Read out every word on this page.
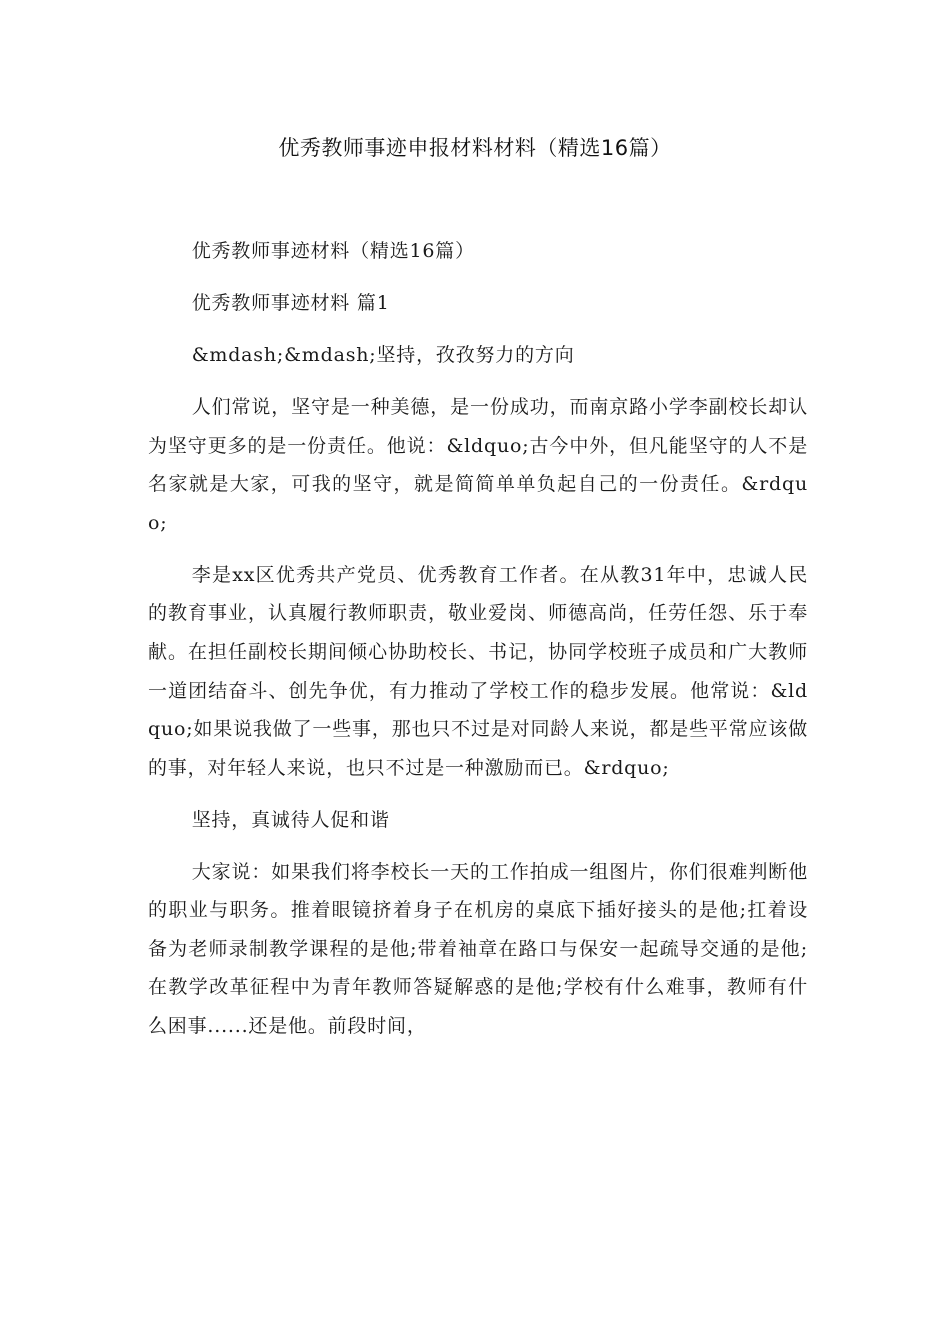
优秀教师事迹申报材料材料（精选16篇）

优秀教师事迹材料（精选16篇）

优秀教师事迹材料 篇1

&mdash;&mdash;坚持，孜孜努力的方向

人们常说，坚守是一种美德，是一份成功，而南京路小学李副校长却认为坚守更多的是一份责任。他说：&ldquo;古今中外，但凡能坚守的人不是名家就是大家，可我的坚守，就是简简单单负起自己的一份责任。&rdquo;

李是xx区优秀共产党员、优秀教育工作者。在从教31年中，忠诚人民的教育事业，认真履行教师职责，敬业爱岗、师德高尚，任劳任怨、乐于奉献。在担任副校长期间倾心协助校长、书记，协同学校班子成员和广大教师一道团结奋斗、创先争优，有力推动了学校工作的稳步发展。他常说：&ldquo;如果说我做了一些事，那也只不过是对同龄人来说，都是些平常应该做的事，对年轻人来说，也只不过是一种激励而已。&rdquo;

坚持，真诚待人促和谐

大家说：如果我们将李校长一天的工作拍成一组图片，你们很难判断他的职业与职务。推着眼镜挤着身子在机房的桌底下插好接头的是他;扛着设备为老师录制教学课程的是他;带着袖章在路口与保安一起疏导交通的是他;在教学改革征程中为青年教师答疑解惑的是他;学校有什么难事，教师有什么困事......还是他。前段时间，
